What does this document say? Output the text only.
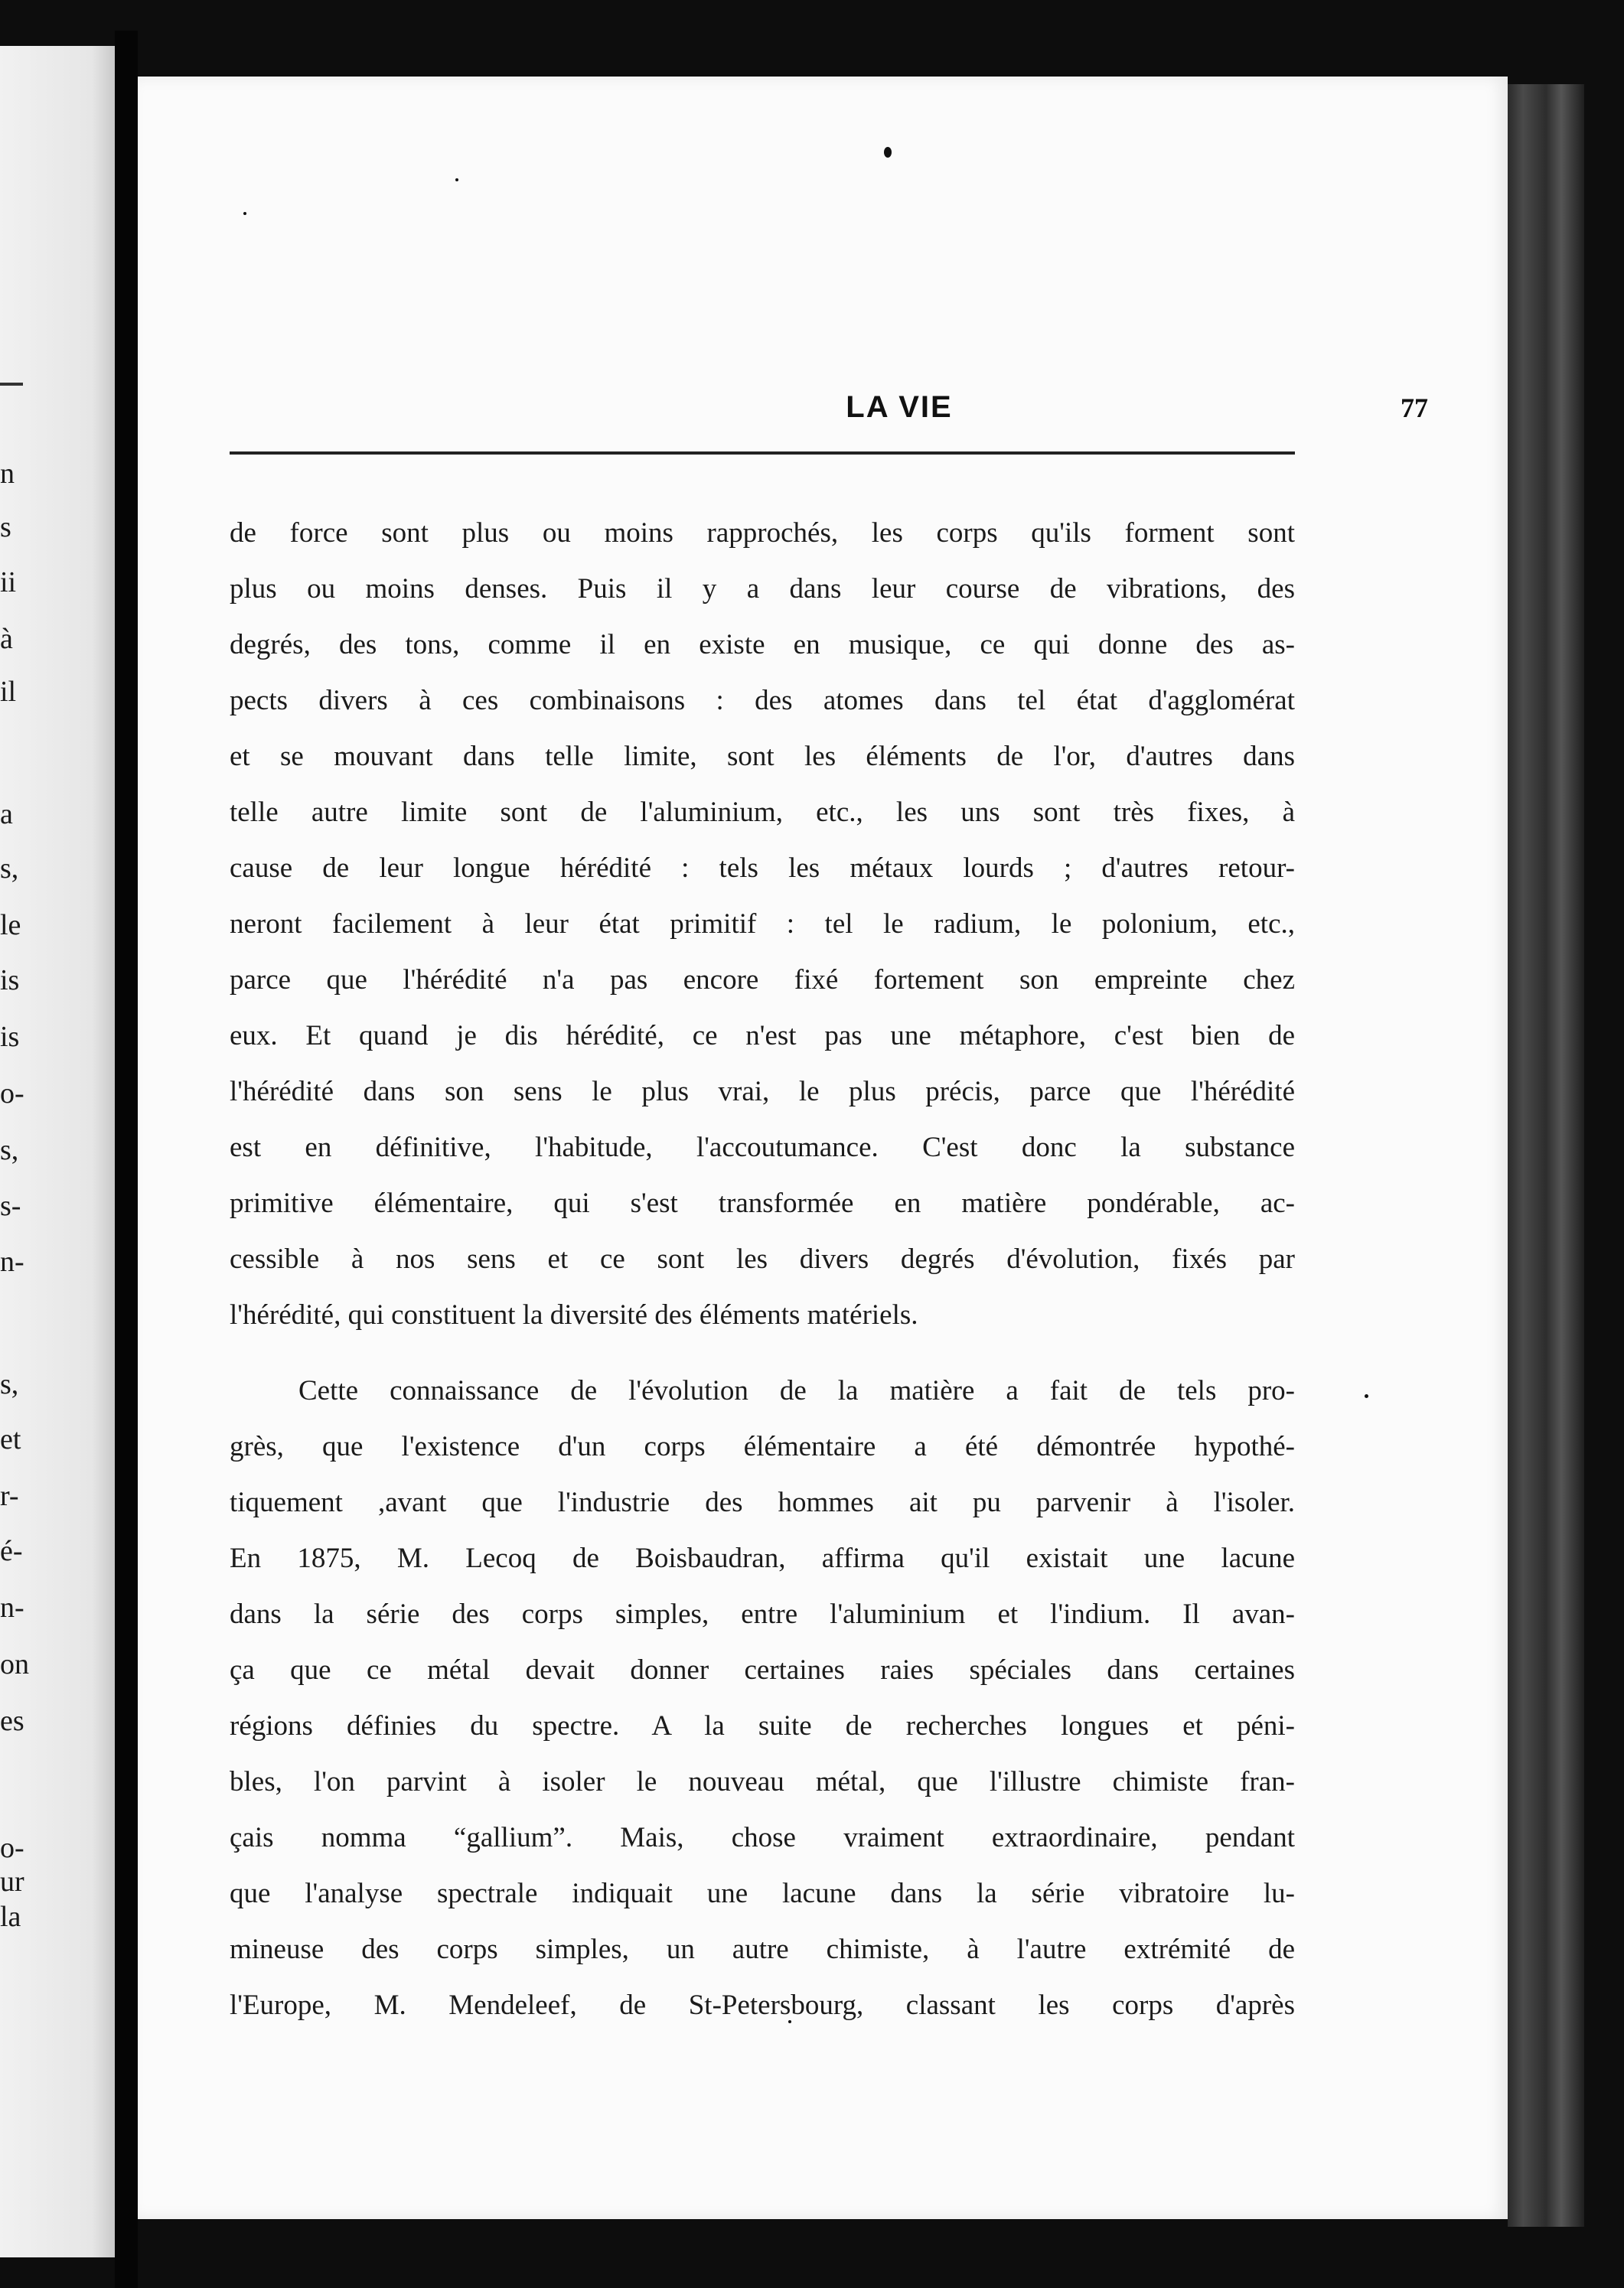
n
s
ii
à
il
a
s,
le
is
is
o-
s,
s-
n-
s,
et
r-
é-
n-
on
es
o-
ur
la
LA VIE	77
de force sont plus ou moins rapprochés, les corps qu'ils forment sont
plus ou moins denses. Puis il y a dans leur course de vibrations, des
degrés, des tons, comme il en existe en musique, ce qui donne des as-
pects divers à ces combinaisons : des atomes dans tel état d'agglomérat
et se mouvant dans telle limite, sont les éléments de l'or, d'autres dans
telle autre limite sont de l'aluminium, etc., les uns sont très fixes, à
cause de leur longue hérédité : tels les métaux lourds ; d'autres retour-
neront facilement à leur état primitif : tel le radium, le polonium, etc.,
parce que l'hérédité n'a pas encore fixé fortement son empreinte chez
eux. Et quand je dis hérédité, ce n'est pas une métaphore, c'est bien de
l'hérédité dans son sens le plus vrai, le plus précis, parce que l'hérédité
est en définitive, l'habitude, l'accoutumance. C'est donc la substance
primitive élémentaire, qui s'est transformée en matière pondérable, ac-
cessible à nos sens et ce sont les divers degrés d'évolution, fixés par
l'hérédité, qui constituent la diversité des éléments matériels.
Cette connaissance de l'évolution de la matière a fait de tels pro-
grès, que l'existence d'un corps élémentaire a été démontrée hypothé-
tiquement ,avant que l'industrie des hommes ait pu parvenir à l'isoler.
En 1875, M. Lecoq de Boisbaudran, affirma qu'il existait une lacune
dans la série des corps simples, entre l'aluminium et l'indium. Il avan-
ça que ce métal devait donner certaines raies spéciales dans certaines
régions définies du spectre. A la suite de recherches longues et péni-
bles, l'on parvint à isoler le nouveau métal, que l'illustre chimiste fran-
çais nomma “gallium”. Mais, chose vraiment extraordinaire, pendant
que l'analyse spectrale indiquait une lacune dans la série vibratoire lu-
mineuse des corps simples, un autre chimiste, à l'autre extrémité de
l'Europe, M. Mendeleef, de St-Petersbourg, classant les corps d'après
